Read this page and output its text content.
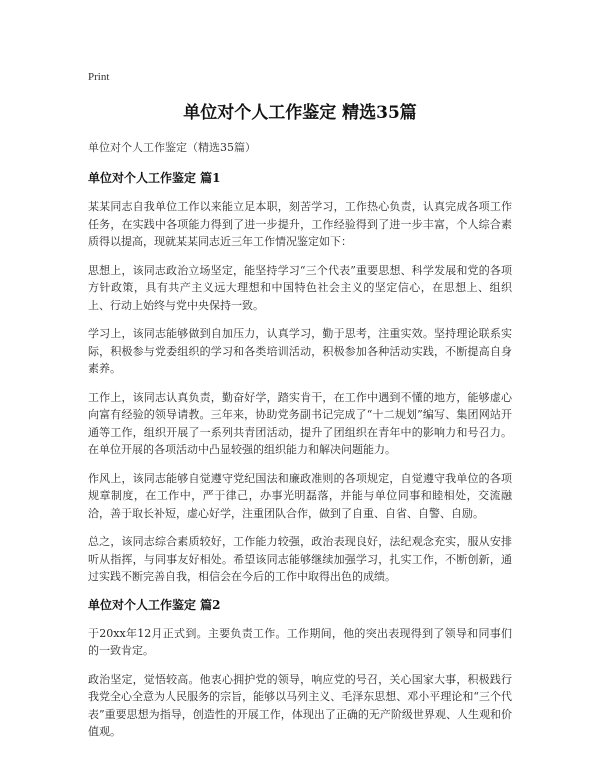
Print
单位对个人工作鉴定 精选35篇
单位对个人工作鉴定（精选35篇）
单位对个人工作鉴定 篇1

某某同志自我单位工作以来能立足本职，刻苦学习，工作热心负责，认真完成各项工作任务，在实践中各项能力得到了进一步提升，工作经验得到了进一步丰富，个人综合素质得以提高，现就某某同志近三年工作情况鉴定如下：

思想上，该同志政治立场坚定，能坚持学习“三个代表”重要思想、科学发展和党的各项方针政策，具有共产主义远大理想和中国特色社会主义的坚定信心，在思想上、组织上、行动上始终与党中央保持一致。

学习上，该同志能够做到自加压力，认真学习，勤于思考，注重实效。坚持理论联系实际，积极参与党委组织的学习和各类培训活动，积极参加各种活动实践，不断提高自身素养。

工作上，该同志认真负责，勤奋好学，踏实肯干，在工作中遇到不懂的地方，能够虚心向富有经验的领导请教。三年来，协助党务副书记完成了“十二规划”编写、集团网站开通等工作，组织开展了一系列共青团活动，提升了团组织在青年中的影响力和号召力。在单位开展的各项活动中凸显较强的组织能力和解决问题能力。

作风上，该同志能够自觉遵守党纪国法和廉政准则的各项规定，自觉遵守我单位的各项规章制度，在工作中，严于律己，办事光明磊落，并能与单位同事和睦相处，交流融洽，善于取长补短，虚心好学，注重团队合作，做到了自重、自省、自警、自励。

总之，该同志综合素质较好，工作能力较强，政治表现良好，法纪观念充实，服从安排听从指挥，与同事友好相处。希望该同志能够继续加强学习，扎实工作，不断创新，通过实践不断完善自我，相信会在今后的工作中取得出色的成绩。

单位对个人工作鉴定 篇2

于20xx年12月正式到。主要负责工作。工作期间，他的突出表现得到了领导和同事们的一致肯定。

政治坚定，觉悟较高。他衷心拥护党的领导，响应党的号召，关心国家大事，积极践行我党全心全意为人民服务的宗旨，能够以马列主义、毛泽东思想、邓小平理论和“三个代表”重要思想为指导，创造性的开展工作，体现出了正确的无产阶级世界观、人生观和价值观。
